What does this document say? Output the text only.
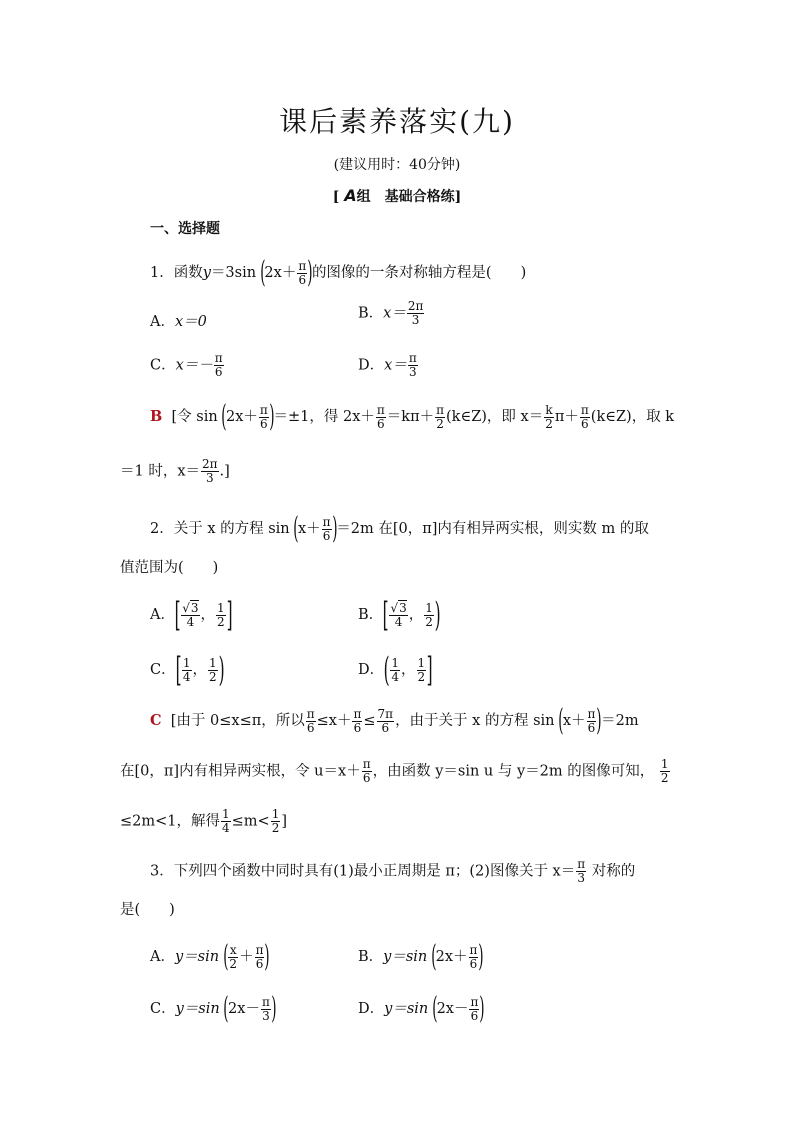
课后素养落实(九)
(建议用时：40分钟)
[ A组　基础合格练]
一、选择题
1．函数y＝3sin ($2x+ \frac{\pi}{6}$ )的图像的一条对称轴方程是(　　)
A．x＝0
B．$x= \frac{2\pi}{3}$
C．$x=- \frac{\pi}{6}$	D．$x= \frac{\pi}{3}$
B [令 $\sin (2x+ \frac{\pi}{6} )=\pm 1$，得 $2x+ \frac{\pi}{6} =k\pi+ \frac{\pi}{2}$ (k∈Z)，即 $x= \frac{k}{2} \pi+ \frac{\pi}{6}$ (k∈Z)，取 k
＝1 时，$x= \frac{2\pi}{3}$ .]
2．关于 x 的方程 $\sin (x+ \frac{\pi}{6} )=2m$ 在[0，π]内有相异两实根，则实数 m 的取
值范围为(　　)
A．[ $\frac{√3}{4}$ ， $\frac{1}{2}$ ]	B．[ $\frac{√3}{4}$ ， $\frac{1}{2}$ )
C．[ $\frac{1}{4}$ ， $\frac{1}{2}$ )	D．( $\frac{1}{4}$ ， $\frac{1}{2}$ ]
C [由于 0≤x≤π，所以 $\frac{\pi}{6} \le x+ \frac{\pi}{6} \le \frac{7\pi}{6}$ ，由于关于 x 的方程 $\sin (x+ \frac{\pi}{6} )=2m$
在[0，π]内有相异两实根，令 $u=x+ \frac{\pi}{6}$ ，由函数 y＝sin u 与 y＝2m 的图像可知， $\frac{1}{2}$
≤2m<1，解得 $\frac{1}{4} \le m< \frac{1}{2}$ ]
3．下列四个函数中同时具有(1)最小正周期是 π；(2)图像关于 $x= \frac{\pi}{3}$ 对称的
是(　　)
A．y＝sin ( $\frac{x}{2} + \frac{\pi}{6}$ )	B．y＝sin ($2x+ \frac{\pi}{6}$ )
C．y＝sin ($2x- \frac{\pi}{3}$ )	D．y＝sin ($2x- \frac{\pi}{6}$ )
